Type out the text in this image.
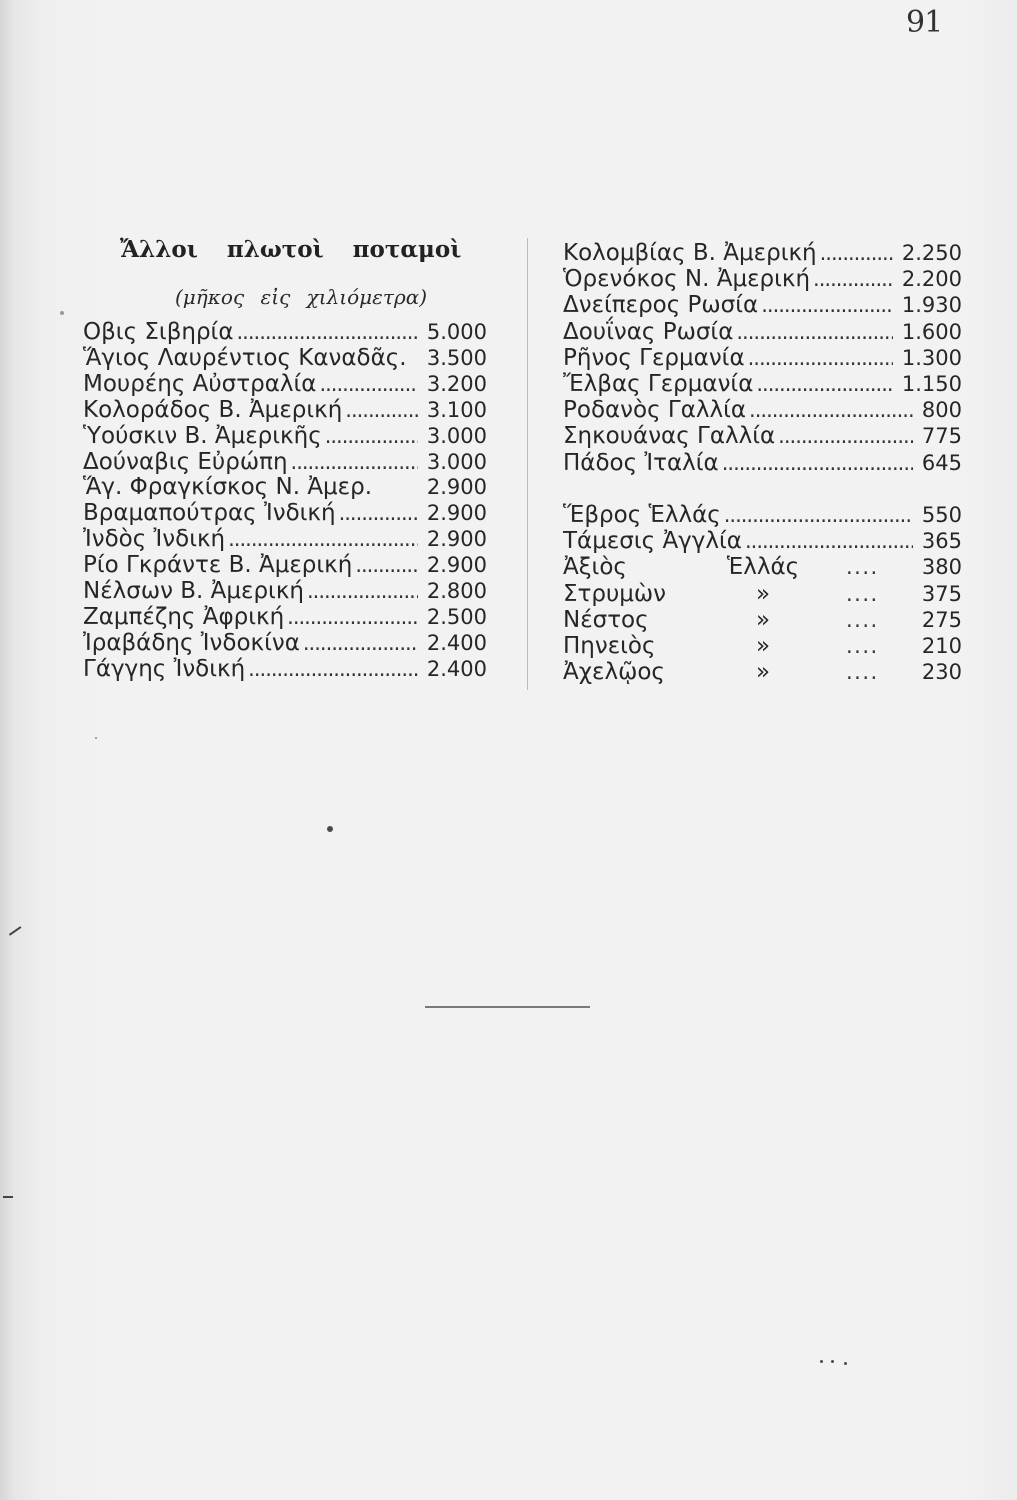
91
Ἄλλοι πλωτοὶ ποταμοὶ
(μῆκος εἰς χιλιόμετρα)
Οβις Σιβηρία .....	5.000
Ἅγιος Λαυρέντιος Καναδᾶς. 3.500
Μουρέης Αὐστραλία .....	3.200
Κολοράδος Β. Ἀμερική .....	3.100
Ὑούσκιν Β. Ἀμερικῆς .....	3.000
Δούναβις Εὐρώπη .....	3.000
Ἅγ. Φραγκίσκος Ν. Ἀμερ.	2.900
Βραμαπούτρας Ἰνδική .....	2.900
Ἰνδὸς Ἰνδική .....	2.900
Ρίο Γκράντε Β. Ἀμερική .....	2.900
Νέλσων Β. Ἀμερική .....	2.800
Ζαμπέζης Ἀφρική .....	2.500
Ἰραβάδης Ἰνδοκίνα .....	2.400
Γάγγης Ἰνδική .....	2.400
Κολομβίας Β. Ἀμερική .....	2.250
Ὁρενόκος Ν. Ἀμερική .....	2.200
Δνείπερος Ρωσία .....	1.930
Δουΐνας Ρωσία .....	1.600
Ρῆνος Γερμανία .....	1.300
Ἔλβας Γερμανία .....	1.150
Ροδανὸς Γαλλία .....	800
Σηκουάνας Γαλλία .....	775
Πάδος Ἰταλία .....	645
Ἕβρος Ἑλλάς .....	550
Τάμεσις Ἀγγλία .....	365
Ἀξιὸς	Ἑλλάς ....	380
Στρυμὼν	» ....	375
Νέστος	» ....	275
Πηνειὸς	» ....	210
Ἀχελῷος	» ....	230
